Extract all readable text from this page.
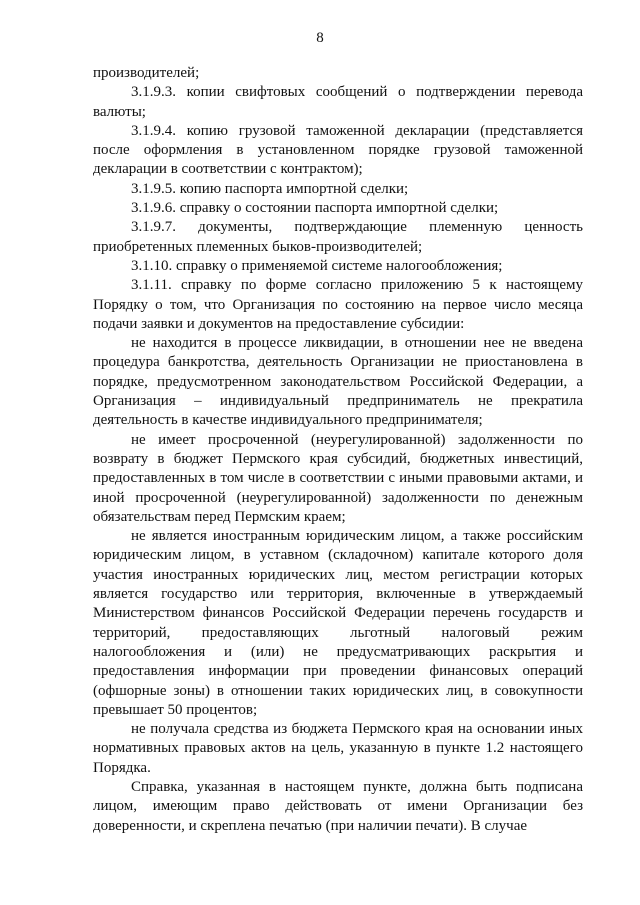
8

производителей;

3.1.9.3. копии свифтовых сообщений о подтверждении перевода валюты;

3.1.9.4. копию грузовой таможенной декларации (представляется после оформления в установленном порядке грузовой таможенной декларации в соответствии с контрактом);

3.1.9.5. копию паспорта импортной сделки;

3.1.9.6. справку о состоянии паспорта импортной сделки;

3.1.9.7. документы, подтверждающие племенную ценность приобретенных племенных быков-производителей;

3.1.10. справку о применяемой системе налогообложения;

3.1.11. справку по форме согласно приложению 5 к настоящему Порядку о том, что Организация по состоянию на первое число месяца подачи заявки и документов на предоставление субсидии:

не находится в процессе ликвидации, в отношении нее не введена процедура банкротства, деятельность Организации не приостановлена в порядке, предусмотренном законодательством Российской Федерации, а Организация – индивидуальный предприниматель не прекратила деятельность в качестве индивидуального предпринимателя;

не имеет просроченной (неурегулированной) задолженности по возврату в бюджет Пермского края субсидий, бюджетных инвестиций, предоставленных в том числе в соответствии с иными правовыми актами, и иной просроченной (неурегулированной) задолженности по денежным обязательствам перед Пермским краем;

не является иностранным юридическим лицом, а также российским юридическим лицом, в уставном (складочном) капитале которого доля участия иностранных юридических лиц, местом регистрации которых является государство или территория, включенные в утверждаемый Министерством финансов Российской Федерации перечень государств и территорий, предоставляющих льготный налоговый режим налогообложения и (или) не предусматривающих раскрытия и предоставления информации при проведении финансовых операций (офшорные зоны) в отношении таких юридических лиц, в совокупности превышает 50 процентов;

не получала средства из бюджета Пермского края на основании иных нормативных правовых актов на цель, указанную в пункте 1.2 настоящего Порядка.

Справка, указанная в настоящем пункте, должна быть подписана лицом, имеющим право действовать от имени Организации без доверенности, и скреплена печатью (при наличии печати). В случае
